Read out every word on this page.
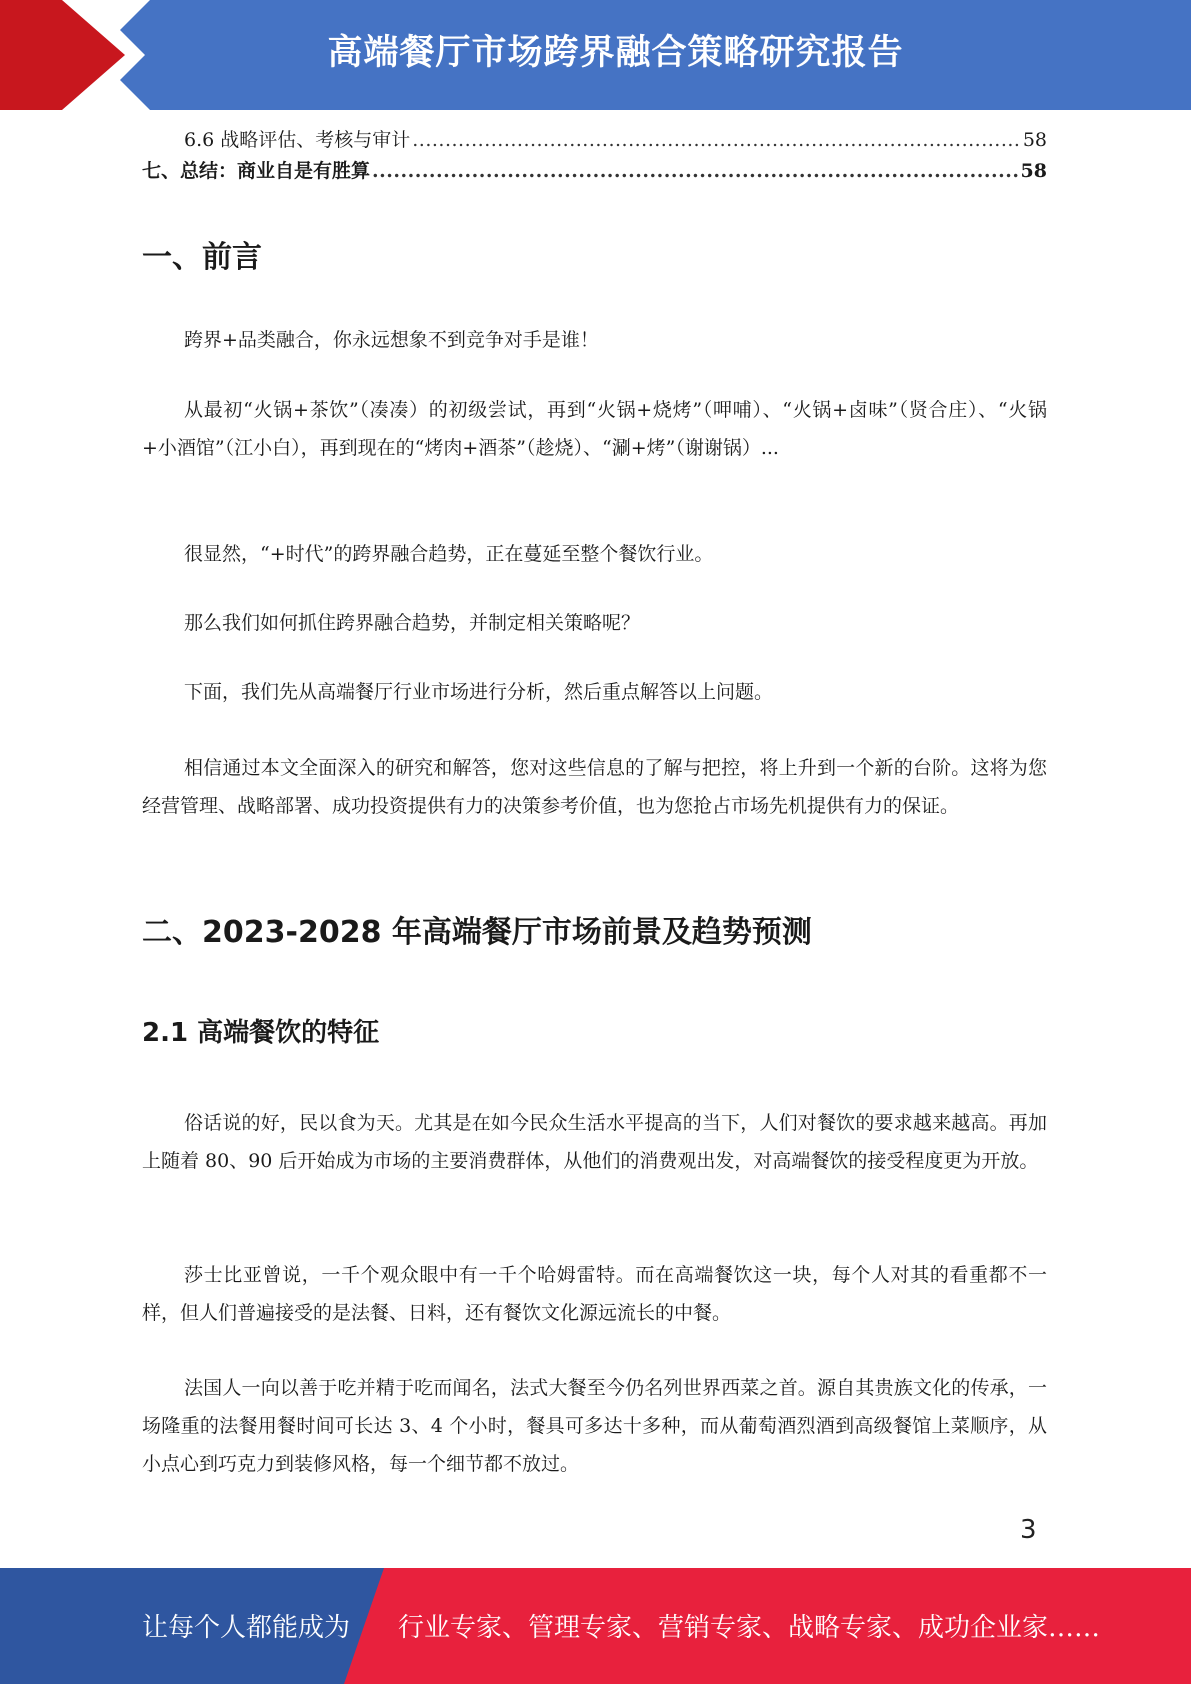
高端餐厅市场跨界融合策略研究报告
6.6 战略评估、考核与审计 .....	58
七、总结：商业自是有胜算 .....	58
一、前言

跨界+品类融合，你永远想象不到竞争对手是谁！

从最初“火锅+茶饮”（凑凑）的初级尝试，再到“火锅+烧烤”（呷哺）、“火锅+卤味”（贤合庄）、“火锅+小酒馆”（江小白），再到现在的“烤肉+酒茶”（趁烧）、“涮+烤”（谢谢锅）...

很显然，“+时代”的跨界融合趋势，正在蔓延至整个餐饮行业。

那么我们如何抓住跨界融合趋势，并制定相关策略呢？

下面，我们先从高端餐厅行业市场进行分析，然后重点解答以上问题。

相信通过本文全面深入的研究和解答，您对这些信息的了解与把控，将上升到一个新的台阶。这将为您经营管理、战略部署、成功投资提供有力的决策参考价值，也为您抢占市场先机提供有力的保证。

二、2023-2028 年高端餐厅市场前景及趋势预测
2.1 高端餐饮的特征

俗话说的好，民以食为天。尤其是在如今民众生活水平提高的当下，人们对餐饮的要求越来越高。再加上随着 80、90 后开始成为市场的主要消费群体，从他们的消费观出发，对高端餐饮的接受程度更为开放。

莎士比亚曾说，一千个观众眼中有一千个哈姆雷特。而在高端餐饮这一块，每个人对其的看重都不一样，但人们普遍接受的是法餐、日料，还有餐饮文化源远流长的中餐。

法国人一向以善于吃并精于吃而闻名，法式大餐至今仍名列世界西菜之首。源自其贵族文化的传承，一场隆重的法餐用餐时间可长达 3、4 个小时，餐具可多达十多种，而从葡萄酒烈酒到高级餐馆上菜顺序，从小点心到巧克力到装修风格，每一个细节都不放过。

3
让每个人都能成为 行业专家、管理专家、营销专家、战略专家、成功企业家……
